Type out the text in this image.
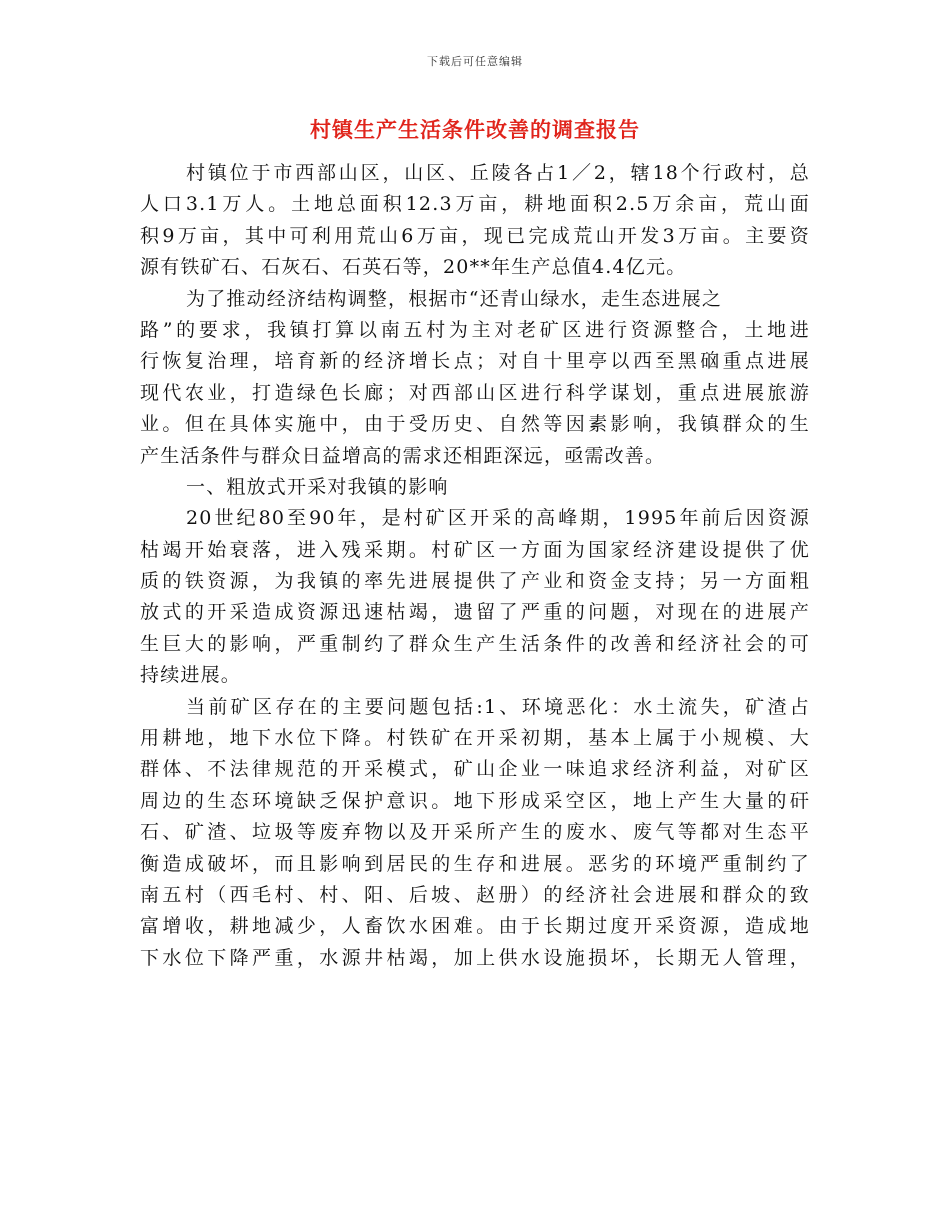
下载后可任意编辑
村镇生产生活条件改善的调查报告
村镇位于市西部山区，山区、丘陵各占1／2，辖18个行政村，总
人口3.1万人。土地总面积12.3万亩，耕地面积2.5万余亩，荒山面
积9万亩，其中可利用荒山6万亩，现已完成荒山开发3万亩。主要资
源有铁矿石、石灰石、石英石等，20**年生产总值4.4亿元。
为了推动经济结构调整，根据市“还青山绿水，走生态进展之
路”的要求，我镇打算以南五村为主对老矿区进行资源整合，土地进
行恢复治理，培育新的经济增长点；对自十里亭以西至黑硇重点进展
现代农业，打造绿色长廊；对西部山区进行科学谋划，重点进展旅游
业。但在具体实施中，由于受历史、自然等因素影响，我镇群众的生
产生活条件与群众日益增高的需求还相距深远，亟需改善。
一、粗放式开采对我镇的影响
20世纪80至90年，是村矿区开采的高峰期，1995年前后因资源
枯竭开始衰落，进入残采期。村矿区一方面为国家经济建设提供了优
质的铁资源，为我镇的率先进展提供了产业和资金支持；另一方面粗
放式的开采造成资源迅速枯竭，遗留了严重的问题，对现在的进展产
生巨大的影响，严重制约了群众生产生活条件的改善和经济社会的可
持续进展。
当前矿区存在的主要问题包括:1、环境恶化：水土流失，矿渣占
用耕地，地下水位下降。村铁矿在开采初期，基本上属于小规模、大
群体、不法律规范的开采模式，矿山企业一味追求经济利益，对矿区
周边的生态环境缺乏保护意识。地下形成采空区，地上产生大量的矸
石、矿渣、垃圾等废弃物以及开采所产生的废水、废气等都对生态平
衡造成破坏，而且影响到居民的生存和进展。恶劣的环境严重制约了
南五村（西毛村、村、阳、后坡、赵册）的经济社会进展和群众的致
富增收，耕地减少，人畜饮水困难。由于长期过度开采资源，造成地
下水位下降严重，水源井枯竭，加上供水设施损坏，长期无人管理，
